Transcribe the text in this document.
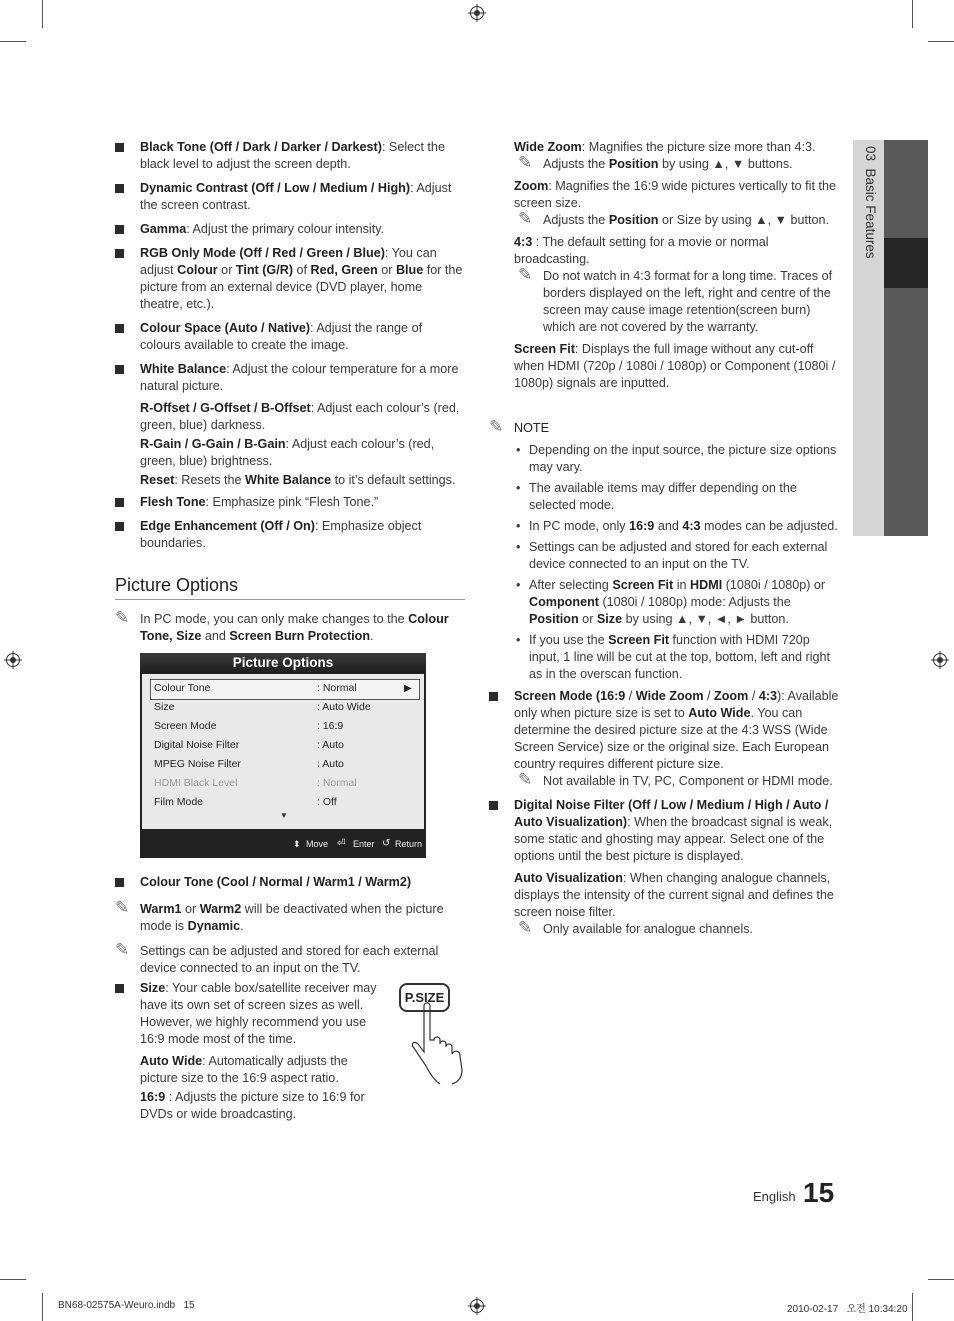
03  Basic Features

Black Tone (Off / Dark / Darker / Darkest): Select the black level to adjust the screen depth.

Dynamic Contrast (Off / Low / Medium / High): Adjust the screen contrast.

Gamma: Adjust the primary colour intensity.

RGB Only Mode (Off / Red / Green / Blue): You can adjust Colour or Tint (G/R) of Red, Green or Blue for the picture from an external device (DVD player, home theatre, etc.).

Colour Space (Auto / Native): Adjust the range of colours available to create the image.

White Balance: Adjust the colour temperature for a more natural picture.

R-Offset / G-Offset / B-Offset: Adjust each colour’s (red, green, blue) darkness.

R-Gain / G-Gain / B-Gain: Adjust each colour’s (red, green, blue) brightness.

Reset: Resets the White Balance to it’s default settings.

Flesh Tone: Emphasize pink “Flesh Tone.”

Edge Enhancement (Off / On): Emphasize object boundaries.

Picture Options

✎ In PC mode, you can only make changes to the Colour Tone, Size and Screen Burn Protection.

Picture Options
Colour Tone	: Normal	▶
Size	: Auto Wide
Screen Mode	: 16:9
Digital Noise Filter	: Auto
MPEG Noise Filter	: Auto
HDMI Black Level	: Normal
Film Mode	: Off
▼
⬍ Move ⏎ Enter ↺ Return

Colour Tone (Cool / Normal / Warm1 / Warm2)

✎ Warm1 or Warm2 will be deactivated when the picture mode is Dynamic.

✎ Settings can be adjusted and stored for each external device connected to an input on the TV.

Size: Your cable box/satellite receiver may have its own set of screen sizes as well. However, we highly recommend you use 16:9 mode most of the time.

Auto Wide: Automatically adjusts the picture size to the 16:9 aspect ratio.

16:9 : Adjusts the picture size to 16:9 for DVDs or wide broadcasting.

P.SIZE

Wide Zoom: Magnifies the picture size more than 4:3.

✎ Adjusts the Position by using ▲, ▼ buttons.

Zoom: Magnifies the 16:9 wide pictures vertically to fit the screen size.

✎ Adjusts the Position or Size by using ▲, ▼ button.

4:3 : The default setting for a movie or normal broadcasting.

✎ Do not watch in 4:3 format for a long time. Traces of borders displayed on the left, right and centre of the screen may cause image retention(screen burn) which are not covered by the warranty.

Screen Fit: Displays the full image without any cut-off when HDMI (720p / 1080i / 1080p) or Component (1080i / 1080p) signals are inputted.

✎ NOTE

• Depending on the input source, the picture size options may vary.

• The available items may differ depending on the selected mode.

• In PC mode, only 16:9 and 4:3 modes can be adjusted.

• Settings can be adjusted and stored for each external device connected to an input on the TV.

• After selecting Screen Fit in HDMI (1080i / 1080p) or Component (1080i / 1080p) mode: Adjusts the Position or Size by using ▲, ▼, ◄, ► button.

• If you use the Screen Fit function with HDMI 720p input, 1 line will be cut at the top, bottom, left and right as in the overscan function.

Screen Mode (16:9 / Wide Zoom / Zoom / 4:3): Available only when picture size is set to Auto Wide. You can determine the desired picture size at the 4:3 WSS (Wide Screen Service) size or the original size. Each European country requires different picture size.

✎ Not available in TV, PC, Component or HDMI mode.

Digital Noise Filter (Off / Low / Medium / High / Auto / Auto Visualization): When the broadcast signal is weak, some static and ghosting may appear. Select one of the options until the best picture is displayed.

Auto Visualization: When changing analogue channels, displays the intensity of the current signal and defines the screen noise filter.

✎ Only available for analogue channels.

English 15
BN68-02575A-Weuro.indb 15	2010-02-17   오전 10:34:20
